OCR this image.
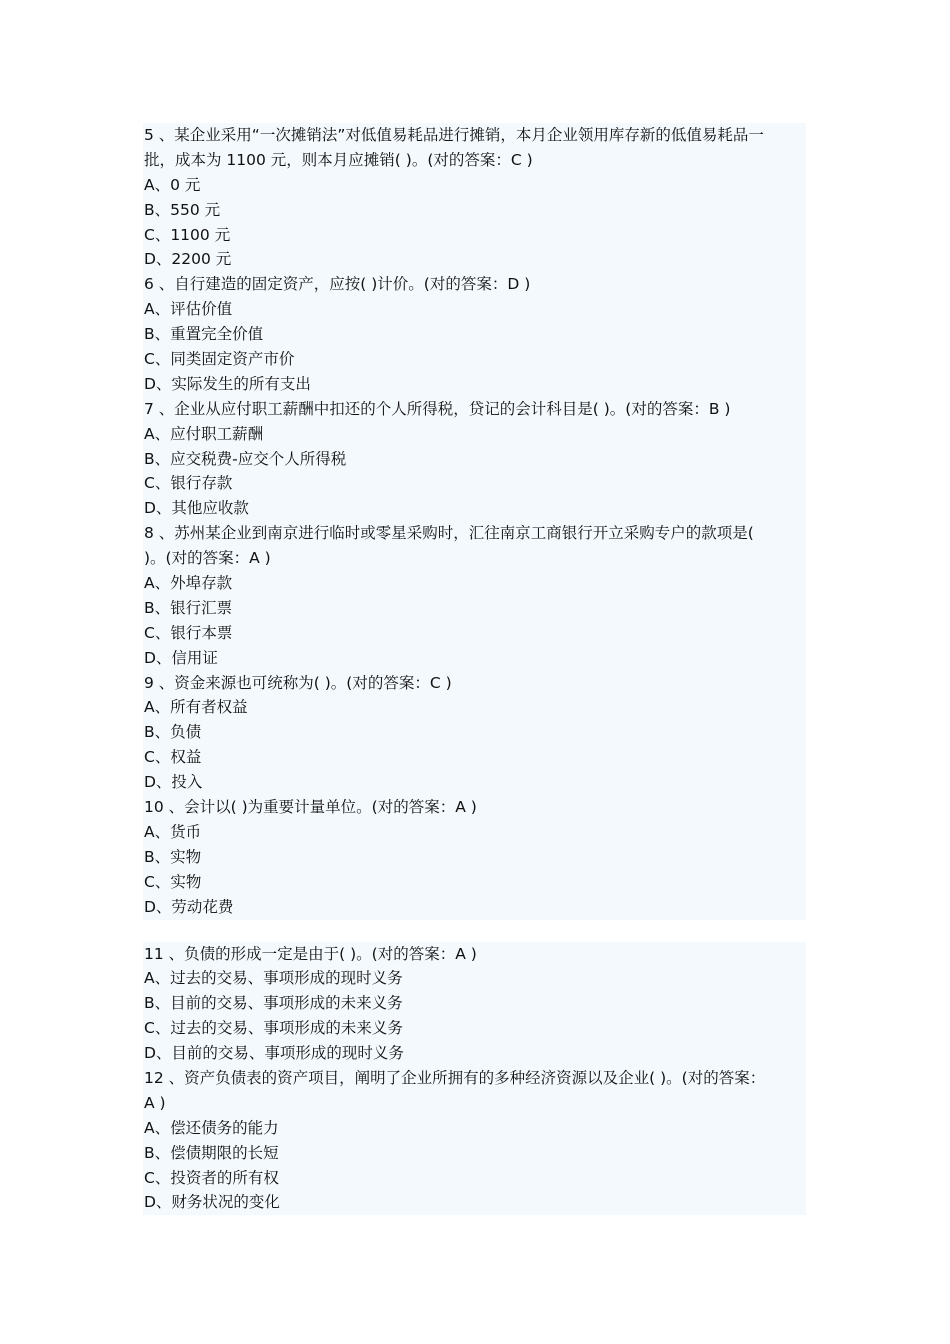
5 、某企业采用“一次摊销法”对低值易耗品进行摊销，本月企业领用库存新的低值易耗品一
批，成本为 1100 元，则本月应摊销( )。(对的答案：C )
A、0 元
B、550 元
C、1100 元
D、2200 元
6 、自行建造的固定资产，应按( )计价。(对的答案：D )
A、评估价值
B、重置完全价值
C、同类固定资产市价
D、实际发生的所有支出
7 、企业从应付职工薪酬中扣还的个人所得税，贷记的会计科目是( )。(对的答案：B )
A、应付职工薪酬
B、应交税费-应交个人所得税
C、银行存款
D、其他应收款
8 、苏州某企业到南京进行临时或零星采购时，汇往南京工商银行开立采购专户的款项是(
)。(对的答案：A )
A、外埠存款
B、银行汇票
C、银行本票
D、信用证
9 、资金来源也可统称为( )。(对的答案：C )
A、所有者权益
B、负债
C、权益
D、投入
10 、会计以( )为重要计量单位。(对的答案：A )
A、货币
B、实物
C、实物
D、劳动花费
11 、负债的形成一定是由于( )。(对的答案：A )
A、过去的交易、事项形成的现时义务
B、目前的交易、事项形成的未来义务
C、过去的交易、事项形成的未来义务
D、目前的交易、事项形成的现时义务
12 、资产负债表的资产项目，阐明了企业所拥有的多种经济资源以及企业( )。(对的答案：
A )
A、偿还债务的能力
B、偿债期限的长短
C、投资者的所有权
D、财务状况的变化
